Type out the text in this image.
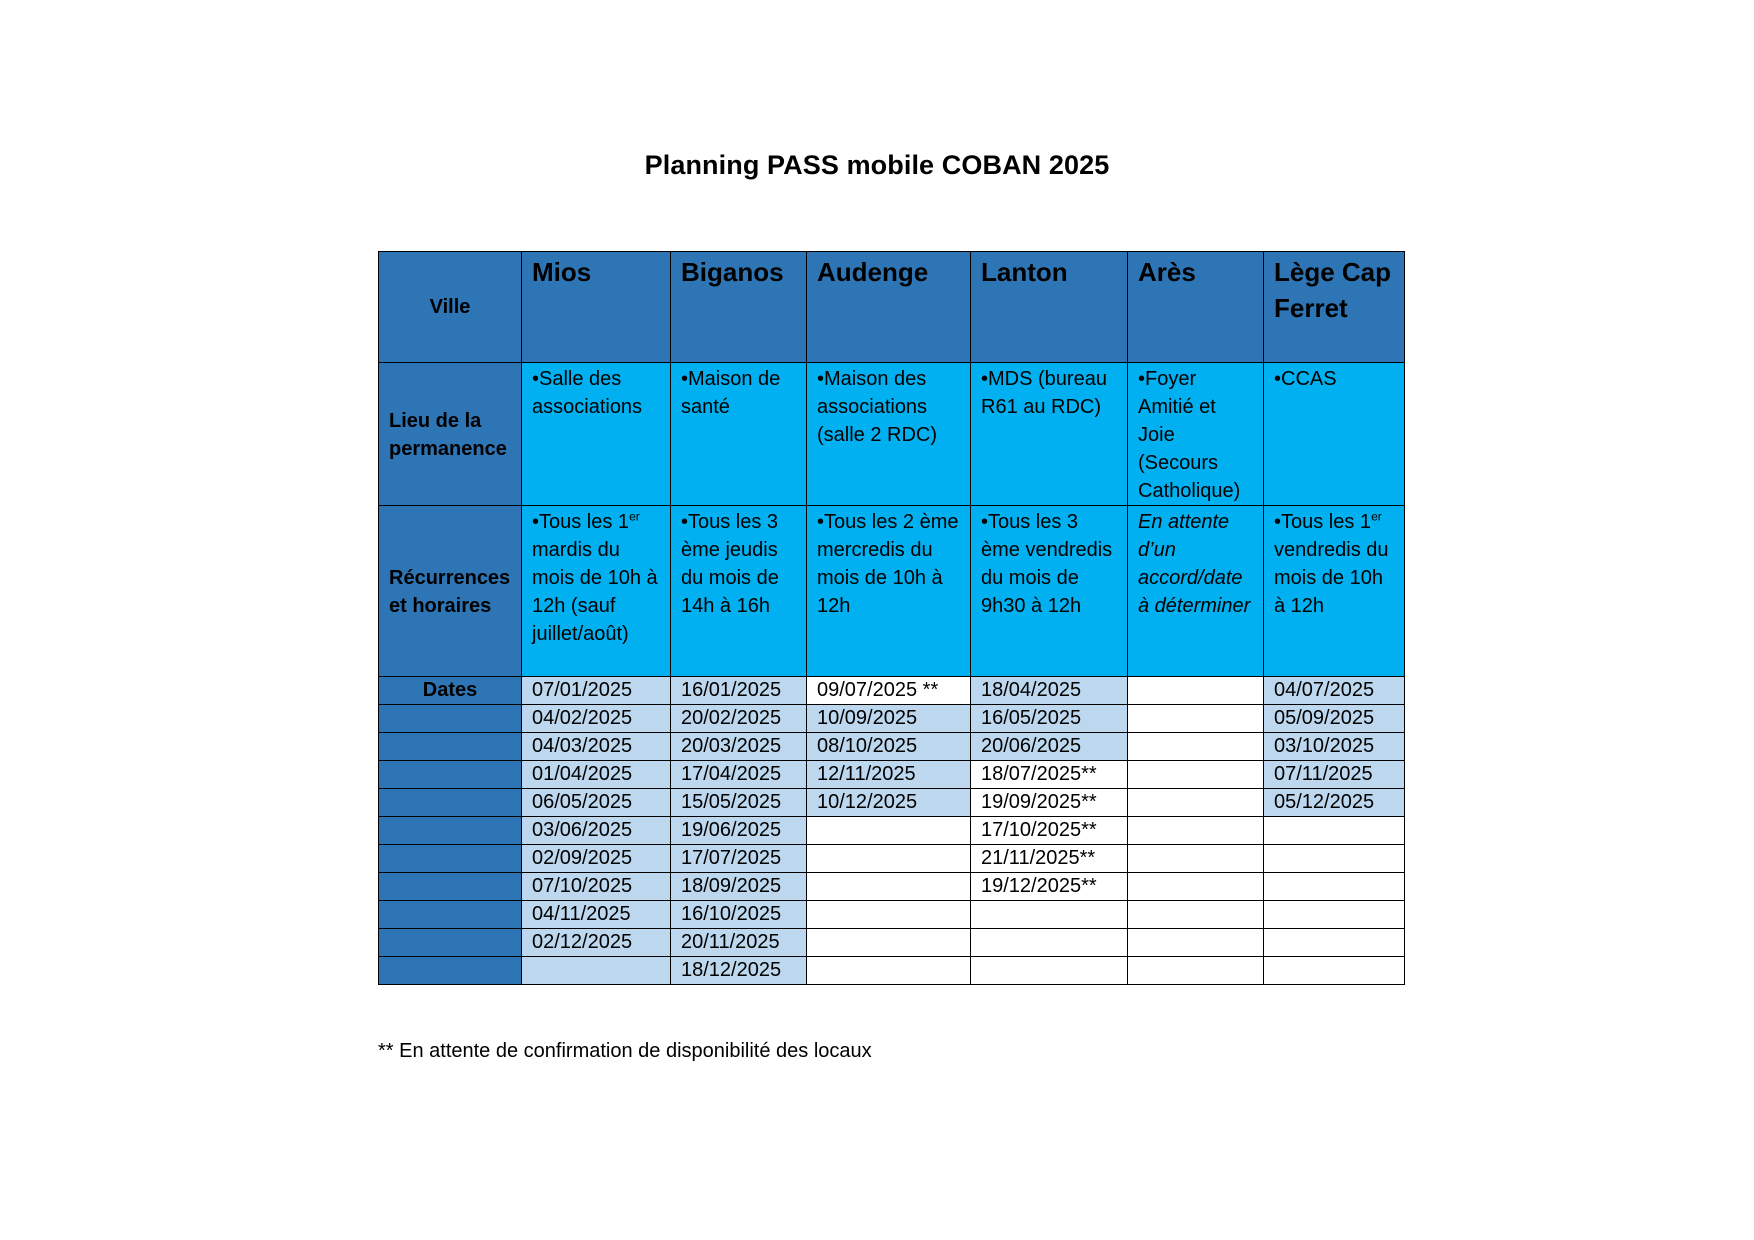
Planning PASS mobile COBAN 2025
Ville	Mios	Biganos	Audenge	Lanton	Arès	Lège Cap Ferret
Lieu de la permanence	•Salle des associations	•Maison de santé	•Maison des associations (salle 2 RDC)	•MDS (bureau R61 au RDC)	•Foyer Amitié et Joie (Secours Catholique)	•CCAS
Récurrences et horaires	•Tous les 1er mardis du mois de 10h à 12h (sauf juillet/août)	•Tous les 3 ème jeudis du mois de 14h à 16h	•Tous les 2 ème mercredis du mois de 10h à 12h	•Tous les 3 ème vendredis du mois de 9h30 à 12h	En attente d’un accord/date à déterminer	•Tous les 1er vendredis du mois de 10h à 12h
Dates	07/01/2025	16/01/2025	09/07/2025 **	18/04/2025		04/07/2025
	04/02/2025	20/02/2025	10/09/2025	16/05/2025		05/09/2025
	04/03/2025	20/03/2025	08/10/2025	20/06/2025		03/10/2025
	01/04/2025	17/04/2025	12/11/2025	18/07/2025**		07/11/2025
	06/05/2025	15/05/2025	10/12/2025	19/09/2025**		05/12/2025
	03/06/2025	19/06/2025		17/10/2025**		
	02/09/2025	17/07/2025		21/11/2025**		
	07/10/2025	18/09/2025		19/12/2025**		
	04/11/2025	16/10/2025				
	02/12/2025	20/11/2025				
		18/12/2025				
** En attente de confirmation de disponibilité des locaux
